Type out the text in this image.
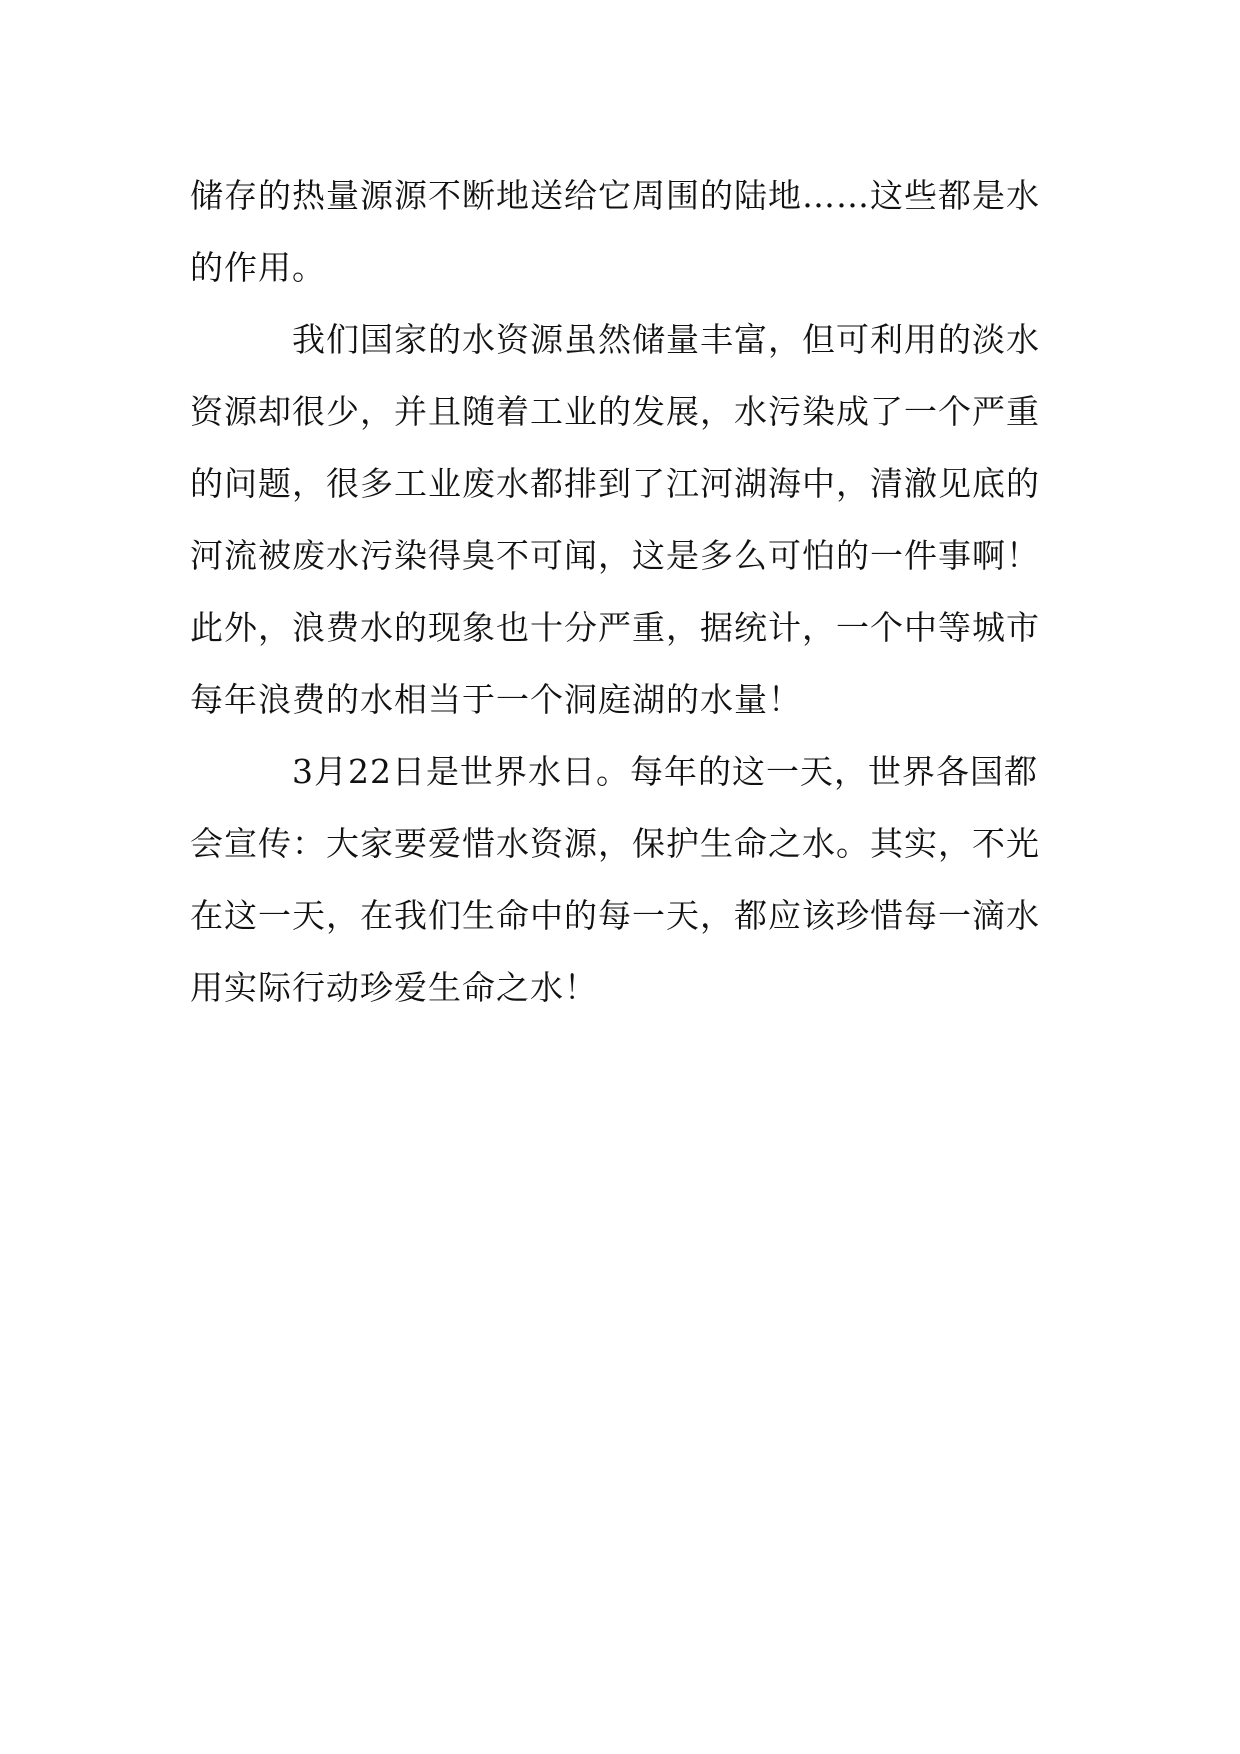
储存的热量源源不断地送给它周围的陆地……这些都是水
的作用。
　　　我们国家的水资源虽然储量丰富，但可利用的淡水
资源却很少，并且随着工业的发展，水污染成了一个严重
的问题，很多工业废水都排到了江河湖海中，清澈见底的
河流被废水污染得臭不可闻，这是多么可怕的一件事啊！
此外，浪费水的现象也十分严重，据统计，一个中等城市
每年浪费的水相当于一个洞庭湖的水量！
　　　3月22日是世界水日。每年的这一天，世界各国都
会宣传：大家要爱惜水资源，保护生命之水。其实，不光
在这一天，在我们生命中的每一天，都应该珍惜每一滴水
用实际行动珍爱生命之水！
